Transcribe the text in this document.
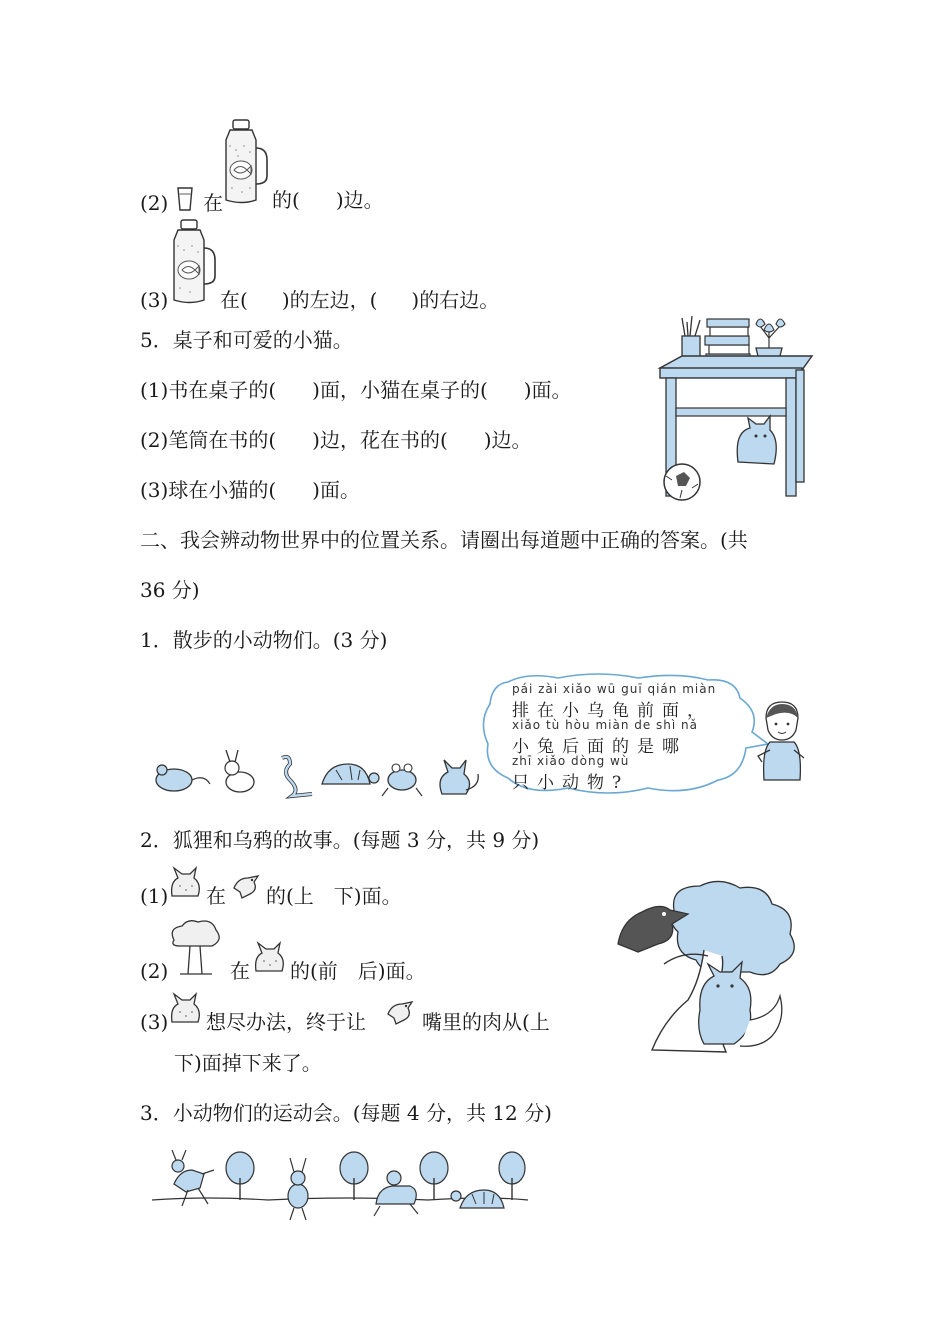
(2) 在 的( )边。
(3)	在( )的左边，( )的右边。
5．桌子和可爱的小猫。
(1)书在桌子的( )面，小猫在桌子的( )面。
(2)笔筒在书的( )边，花在书的( )边。
(3)球在小猫的( )面。
二、我会辨动物世界中的位置关系。请圈出每道题中正确的答案。(共
36 分)
1．散步的小动物们。(3 分)
pái zài xiǎo wū guī qián miàn
排在小乌龟前面，
xiǎo tù hòu miàn de shì nǎ
小兔后面的是哪
zhī xiǎo dòng wù
只小动物?
2．狐狸和乌鸦的故事。(每题 3 分，共 9 分)
(1) 在 的(上　下)面。
(2)	在 的(前　后)面。
(3) 想尽办法，终于让	嘴里的肉从(上
下)面掉下来了。
3．小动物们的运动会。(每题 4 分，共 12 分)
